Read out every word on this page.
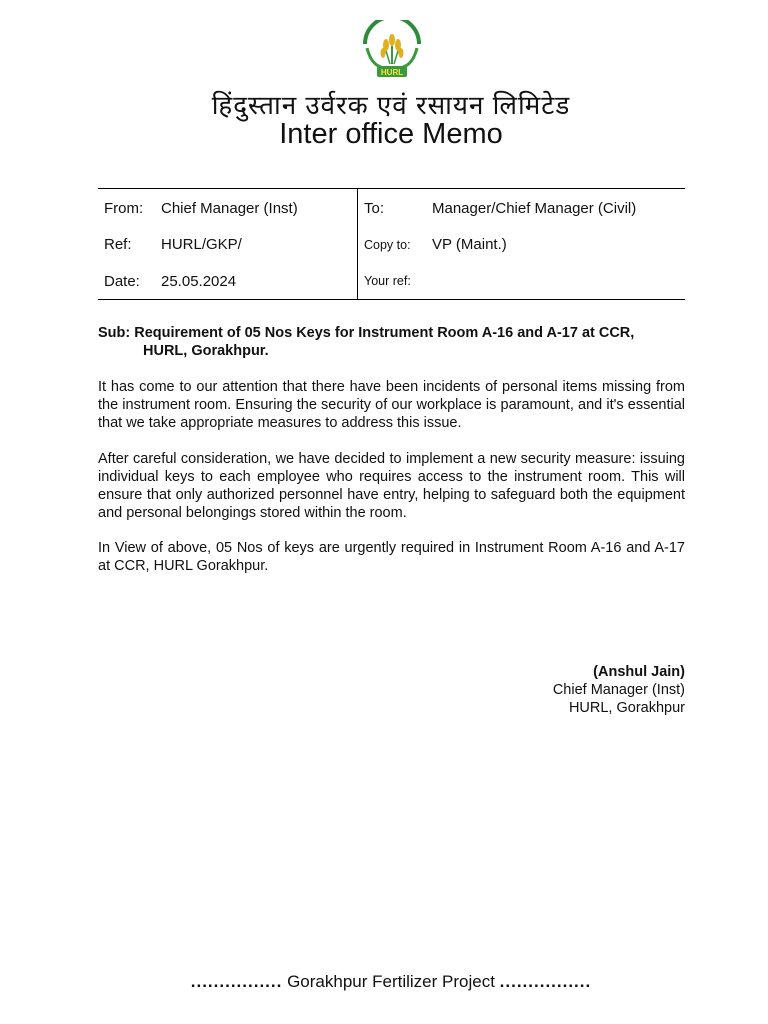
HURL
हिंदुस्तान उर्वरक एवं रसायन लिमिटेड
Inter office Memo
From: Chief Manager (Inst)
Ref: HURL/GKP/
Date: 25.05.2024
To:	Manager/Chief Manager (Civil)
Copy to: VP (Maint.)
Your ref:
Sub: Requirement of 05 Nos Keys for Instrument Room A-16 and A-17 at CCR,
HURL, Gorakhpur.
It has come to our attention that there have been incidents of personal items missing from the instrument room. Ensuring the security of our workplace is paramount, and it's essential that we take appropriate measures to address this issue.
After careful consideration, we have decided to implement a new security measure: issuing individual keys to each employee who requires access to the instrument room. This will ensure that only authorized personnel have entry, helping to safeguard both the equipment and personal belongings stored within the room.
In View of above, 05 Nos of keys are urgently required in Instrument Room A-16 and A-17 at CCR, HURL Gorakhpur.
(Anshul Jain)
Chief Manager (Inst)
HURL, Gorakhpur
................ Gorakhpur Fertilizer Project ................
